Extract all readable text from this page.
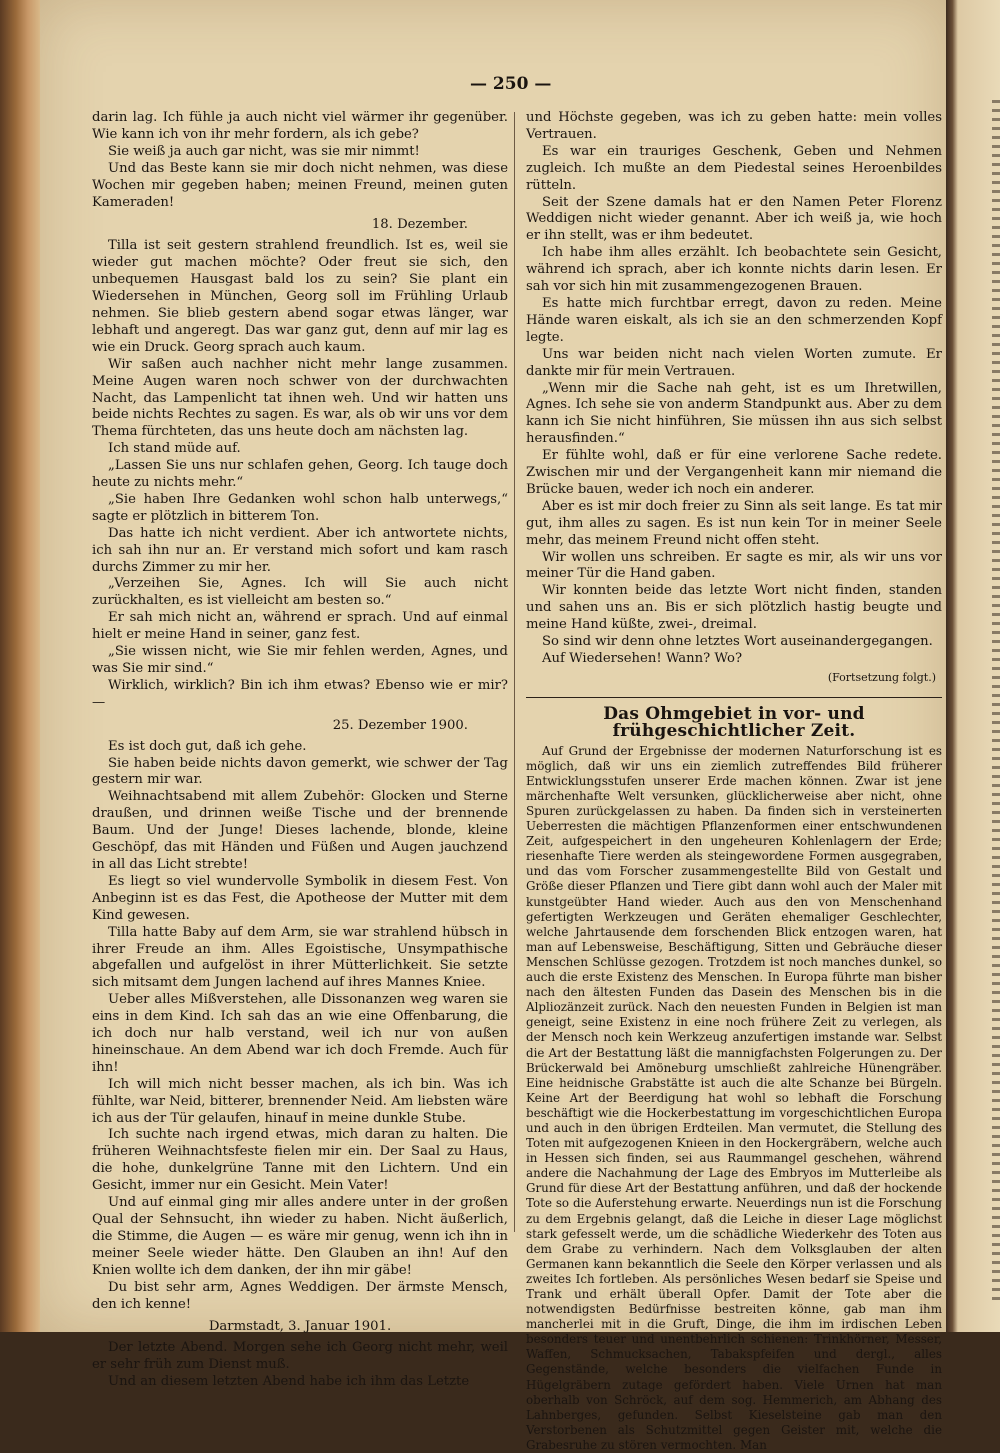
— 250 —

darin lag. Ich fühle ja auch nicht viel wärmer ihr gegenüber. Wie kann ich von ihr mehr fordern, als ich gebe?

Sie weiß ja auch gar nicht, was sie mir nimmt!

Und das Beste kann sie mir doch nicht nehmen, was diese Wochen mir gegeben haben; meinen Freund, meinen guten Kameraden!

18. Dezember.

Tilla ist seit gestern strahlend freundlich. Ist es, weil sie wieder gut machen möchte? Oder freut sie sich, den unbequemen Hausgast bald los zu sein? Sie plant ein Wiedersehen in München, Georg soll im Frühling Urlaub nehmen. Sie blieb gestern abend sogar etwas länger, war lebhaft und angeregt. Das war ganz gut, denn auf mir lag es wie ein Druck. Georg sprach auch kaum.

Wir saßen auch nachher nicht mehr lange zusammen. Meine Augen waren noch schwer von der durchwachten Nacht, das Lampenlicht tat ihnen weh. Und wir hatten uns beide nichts Rechtes zu sagen. Es war, als ob wir uns vor dem Thema fürchteten, das uns heute doch am nächsten lag.

Ich stand müde auf.

„Lassen Sie uns nur schlafen gehen, Georg. Ich tauge doch heute zu nichts mehr.“

„Sie haben Ihre Gedanken wohl schon halb unterwegs,“ sagte er plötzlich in bitterem Ton.

Das hatte ich nicht verdient. Aber ich antwortete nichts, ich sah ihn nur an. Er verstand mich sofort und kam rasch durchs Zimmer zu mir her.

„Verzeihen Sie, Agnes. Ich will Sie auch nicht zurückhalten, es ist vielleicht am besten so.“

Er sah mich nicht an, während er sprach. Und auf einmal hielt er meine Hand in seiner, ganz fest.

„Sie wissen nicht, wie Sie mir fehlen werden, Agnes, und was Sie mir sind.“

Wirklich, wirklich? Bin ich ihm etwas? Ebenso wie er mir? —

25. Dezember 1900.

Es ist doch gut, daß ich gehe.

Sie haben beide nichts davon gemerkt, wie schwer der Tag gestern mir war.

Weihnachtsabend mit allem Zubehör: Glocken und Sterne draußen, und drinnen weiße Tische und der brennende Baum. Und der Junge! Dieses lachende, blonde, kleine Geschöpf, das mit Händen und Füßen und Augen jauchzend in all das Licht strebte!

Es liegt so viel wundervolle Symbolik in diesem Fest. Von Anbeginn ist es das Fest, die Apotheose der Mutter mit dem Kind gewesen.

Tilla hatte Baby auf dem Arm, sie war strahlend hübsch in ihrer Freude an ihm. Alles Egoistische, Unsympathische abgefallen und aufgelöst in ihrer Mütterlichkeit. Sie setzte sich mitsamt dem Jungen lachend auf ihres Mannes Kniee.

Ueber alles Mißverstehen, alle Dissonanzen weg waren sie eins in dem Kind. Ich sah das an wie eine Offenbarung, die ich doch nur halb verstand, weil ich nur von außen hineinschaue. An dem Abend war ich doch Fremde. Auch für ihn!

Ich will mich nicht besser machen, als ich bin. Was ich fühlte, war Neid, bitterer, brennender Neid. Am liebsten wäre ich aus der Tür gelaufen, hinauf in meine dunkle Stube.

Ich suchte nach irgend etwas, mich daran zu halten. Die früheren Weihnachtsfeste fielen mir ein. Der Saal zu Haus, die hohe, dunkelgrüne Tanne mit den Lichtern. Und ein Gesicht, immer nur ein Gesicht. Mein Vater!

Und auf einmal ging mir alles andere unter in der großen Qual der Sehnsucht, ihn wieder zu haben. Nicht äußerlich, die Stimme, die Augen — es wäre mir genug, wenn ich ihn in meiner Seele wieder hätte. Den Glauben an ihn! Auf den Knien wollte ich dem danken, der ihn mir gäbe!

Du bist sehr arm, Agnes Weddigen. Der ärmste Mensch, den ich kenne!

Darmstadt, 3. Januar 1901.

Der letzte Abend. Morgen sehe ich Georg nicht mehr, weil er sehr früh zum Dienst muß.

Und an diesem letzten Abend habe ich ihm das Letzte

und Höchste gegeben, was ich zu geben hatte: mein volles Vertrauen.

Es war ein trauriges Geschenk, Geben und Nehmen zugleich. Ich mußte an dem Piedestal seines Heroenbildes rütteln.

Seit der Szene damals hat er den Namen Peter Florenz Weddigen nicht wieder genannt. Aber ich weiß ja, wie hoch er ihn stellt, was er ihm bedeutet.

Ich habe ihm alles erzählt. Ich beobachtete sein Gesicht, während ich sprach, aber ich konnte nichts darin lesen. Er sah vor sich hin mit zusammengezogenen Brauen.

Es hatte mich furchtbar erregt, davon zu reden. Meine Hände waren eiskalt, als ich sie an den schmerzenden Kopf legte.

Uns war beiden nicht nach vielen Worten zumute. Er dankte mir für mein Vertrauen.

„Wenn mir die Sache nah geht, ist es um Ihretwillen, Agnes. Ich sehe sie von anderm Standpunkt aus. Aber zu dem kann ich Sie nicht hinführen, Sie müssen ihn aus sich selbst herausfinden.“

Er fühlte wohl, daß er für eine verlorene Sache redete. Zwischen mir und der Vergangenheit kann mir niemand die Brücke bauen, weder ich noch ein anderer.

Aber es ist mir doch freier zu Sinn als seit lange. Es tat mir gut, ihm alles zu sagen. Es ist nun kein Tor in meiner Seele mehr, das meinem Freund nicht offen steht.

Wir wollen uns schreiben. Er sagte es mir, als wir uns vor meiner Tür die Hand gaben.

Wir konnten beide das letzte Wort nicht finden, standen und sahen uns an. Bis er sich plötzlich hastig beugte und meine Hand küßte, zwei-, dreimal.

So sind wir denn ohne letztes Wort auseinandergegangen.

Auf Wiedersehen! Wann? Wo?

(Fortsetzung folgt.)
Das Ohmgebiet in vor- und frühgeschichtlicher Zeit.

Auf Grund der Ergebnisse der modernen Naturforschung ist es möglich, daß wir uns ein ziemlich zutreffendes Bild früherer Entwicklungsstufen unserer Erde machen können. Zwar ist jene märchenhafte Welt versunken, glücklicherweise aber nicht, ohne Spuren zurückgelassen zu haben. Da finden sich in versteinerten Ueberresten die mächtigen Pflanzenformen einer entschwundenen Zeit, aufgespeichert in den ungeheuren Kohlenlagern der Erde; riesenhafte Tiere werden als steingewordene Formen ausgegraben, und das vom Forscher zusammengestellte Bild von Gestalt und Größe dieser Pflanzen und Tiere gibt dann wohl auch der Maler mit kunstgeübter Hand wieder. Auch aus den von Menschenhand gefertigten Werkzeugen und Geräten ehemaliger Geschlechter, welche Jahrtausende dem forschenden Blick entzogen waren, hat man auf Lebensweise, Beschäftigung, Sitten und Gebräuche dieser Menschen Schlüsse gezogen. Trotzdem ist noch manches dunkel, so auch die erste Existenz des Menschen. In Europa führte man bisher nach den ältesten Funden das Dasein des Menschen bis in die Alpliozänzeit zurück. Nach den neuesten Funden in Belgien ist man geneigt, seine Existenz in eine noch frühere Zeit zu verlegen, als der Mensch noch kein Werkzeug anzufertigen imstande war. Selbst die Art der Bestattung läßt die mannigfachsten Folgerungen zu. Der Brückerwald bei Amöneburg umschließt zahlreiche Hünengräber. Eine heidnische Grabstätte ist auch die alte Schanze bei Bürgeln. Keine Art der Beerdigung hat wohl so lebhaft die Forschung beschäftigt wie die Hockerbestattung im vorgeschichtlichen Europa und auch in den übrigen Erdteilen. Man vermutet, die Stellung des Toten mit aufgezogenen Knieen in den Hockergräbern, welche auch in Hessen sich finden, sei aus Raummangel geschehen, während andere die Nachahmung der Lage des Embryos im Mutterleibe als Grund für diese Art der Bestattung anführen, und daß der hockende Tote so die Auferstehung erwarte. Neuerdings nun ist die Forschung zu dem Ergebnis gelangt, daß die Leiche in dieser Lage möglichst stark gefesselt werde, um die schädliche Wiederkehr des Toten aus dem Grabe zu verhindern. Nach dem Volksglauben der alten Germanen kann bekanntlich die Seele den Körper verlassen und als zweites Ich fortleben. Als persönliches Wesen bedarf sie Speise und Trank und erhält überall Opfer. Damit der Tote aber die notwendigsten Bedürfnisse bestreiten könne, gab man ihm mancherlei mit in die Gruft, Dinge, die ihm im irdischen Leben besonders teuer und unentbehrlich schienen: Trinkhörner, Messer, Waffen, Schmucksachen, Tabakspfeifen und dergl., alles Gegenstände, welche besonders die vielfachen Funde in Hügelgräbern zutage gefördert haben. Viele Urnen hat man oberhalb von Schröck, auf dem sog. Hemmerich, am Abhang des Lahnberges, gefunden. Selbst Kieselsteine gab man den Verstorbenen als Schutzmittel gegen Geister mit, welche die Grabesruhe zu stören vermochten. Man
